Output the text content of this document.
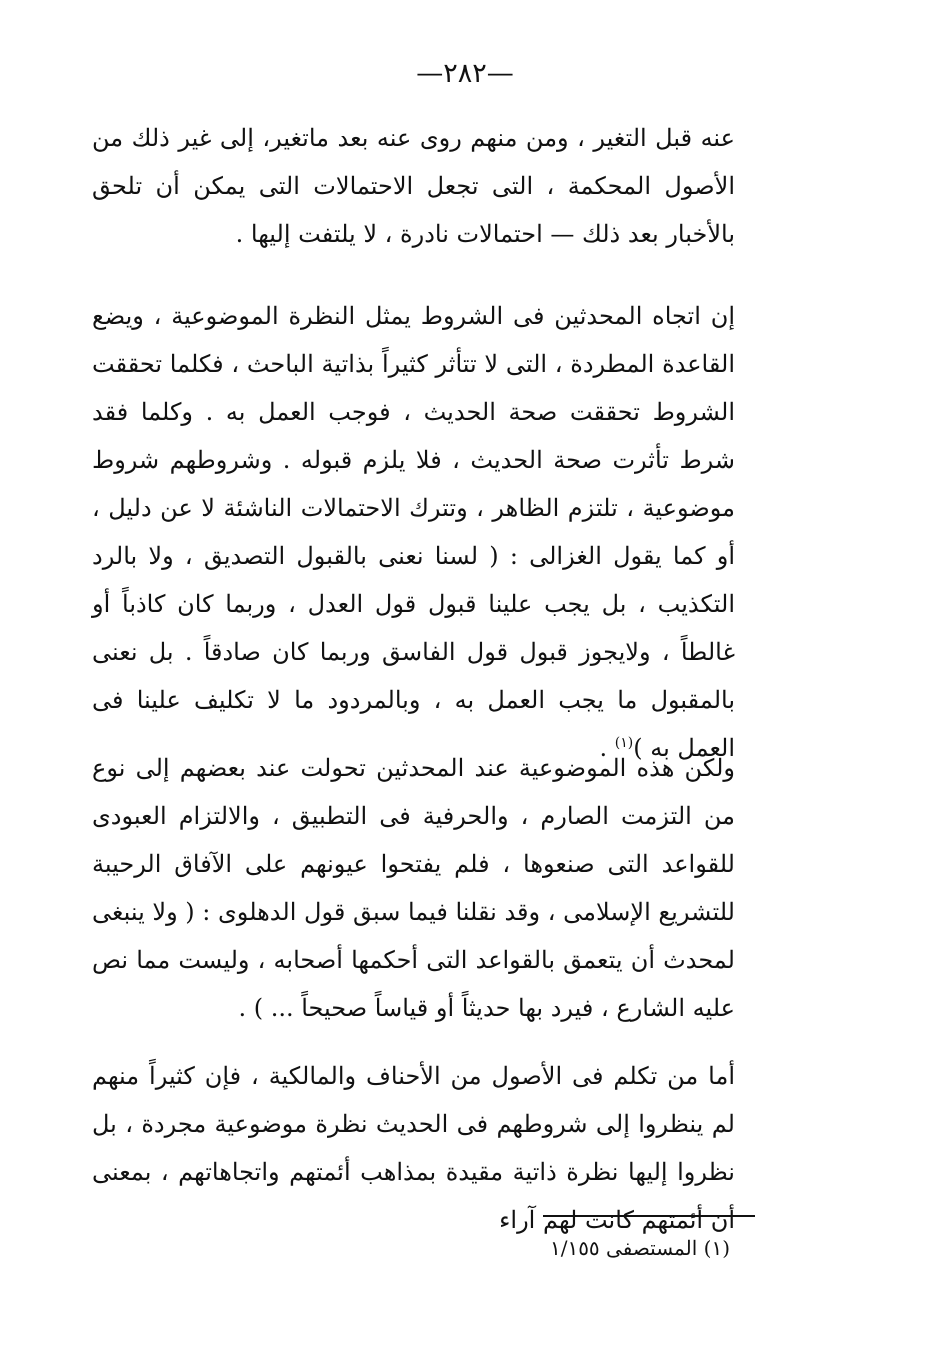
—٢٨٢—

عنه قبل التغير ، ومن منهم روى عنه بعد ماتغير، إلى غير ذلك من الأصول المحكمة ، التى تجعل الاحتمالات التى يمكن أن تلحق بالأخبار بعد ذلك — احتمالات نادرة ، لا يلتفت إليها .

إن اتجاه المحدثين فى الشروط يمثل النظرة الموضوعية ، ويضع القاعدة المطردة ، التى لا تتأثر كثيراً بذاتية الباحث ، فكلما تحققت الشروط تحققت صحة الحديث ، فوجب العمل به . وكلما فقد شرط تأثرت صحة الحديث ، فلا يلزم قبوله . وشروطهم شروط موضوعية ، تلتزم الظاهر ، وتترك الاحتمالات الناشئة لا عن دليل ، أو كما يقول الغزالى : ( لسنا نعنى بالقبول التصديق ، ولا بالرد التكذيب ، بل يجب علينا قبول قول العدل ، وربما كان كاذباً أو غالطاً ، ولايجوز قبول قول الفاسق وربما كان صادقاً . بل نعنى بالمقبول ما يجب العمل به ، وبالمردود ما لا تكليف علينا فى العمل به )$^{(١)}$ .

ولكن هذه الموضوعية عند المحدثين تحولت عند بعضهم إلى نوع من التزمت الصارم ، والحرفية فى التطبيق ، والالتزام العبودى للقواعد التى صنعوها ، فلم يفتحوا عيونهم على الآفاق الرحيبة للتشريع الإسلامى ، وقد نقلنا فيما سبق قول الدهلوى : ( ولا ينبغى لمحدث أن يتعمق بالقواعد التى أحكمها أصحابه ، وليست مما نص عليه الشارع ، فيرد بها حديثاً أو قياساً صحيحاً ... ) .

أما من تكلم فى الأصول من الأحناف والمالكية ، فإن كثيراً منهم لم ينظروا إلى شروطهم فى الحديث نظرة موضوعية مجردة ، بل نظروا إليها نظرة ذاتية مقيدة بمذاهب أئمتهم واتجاهاتهم ، بمعنى أن أئمتهم كانت لهم آراء

(١) المستصفى ١/١٥٥
